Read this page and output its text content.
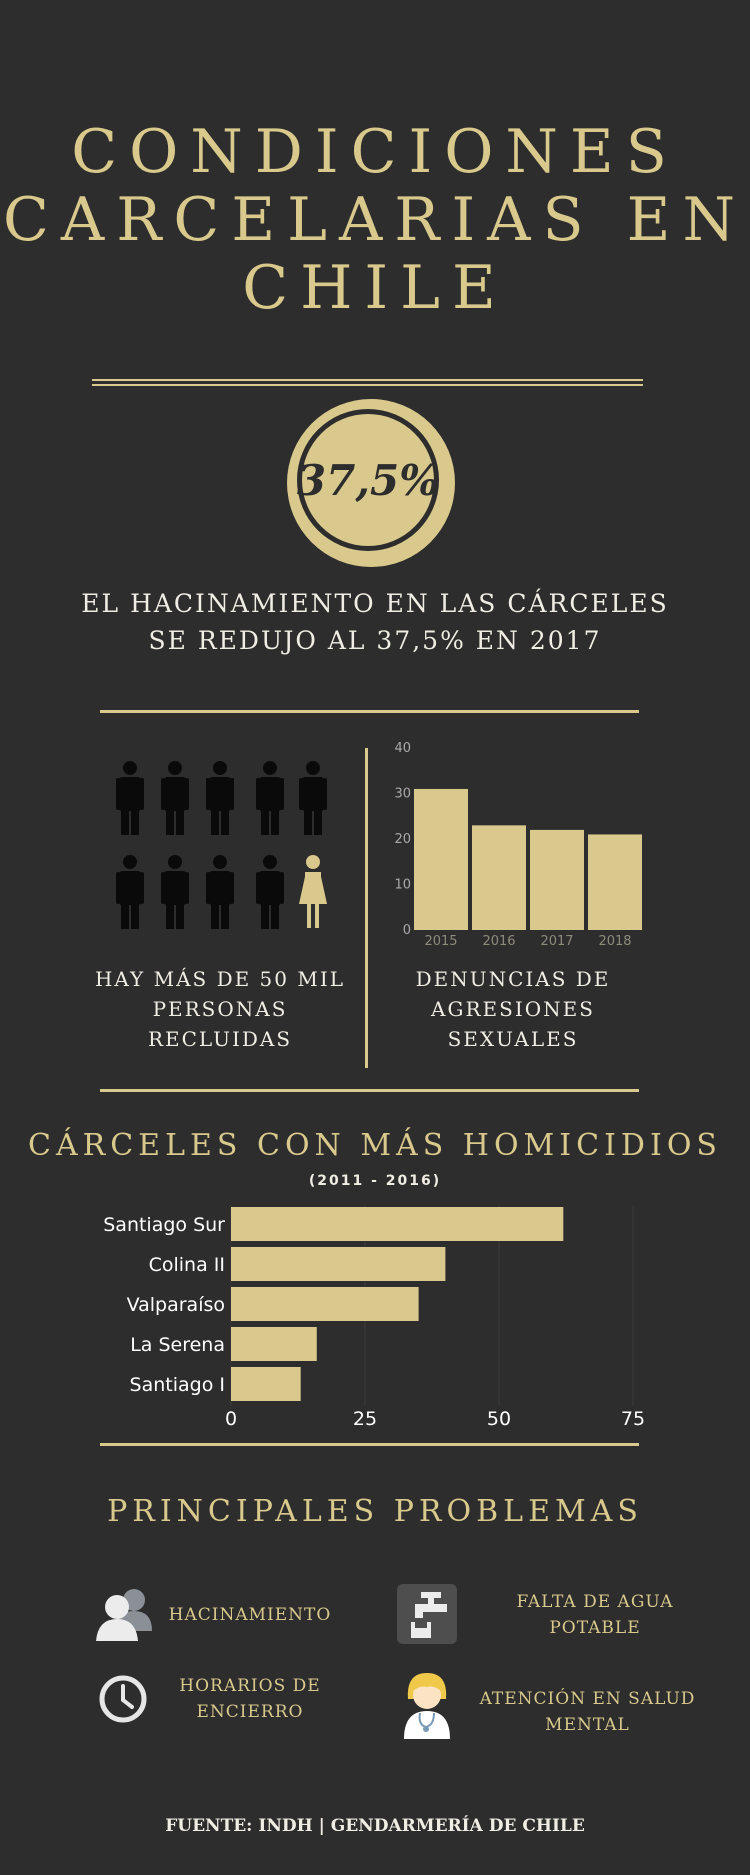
CONDICIONES
CARCELARIAS EN
CHILE
37,5%
EL HACINAMIENTO EN LAS CÁRCELES
SE REDUJO AL 37,5% EN 2017
HAY MÁS DE 50 MIL
PERSONAS
RECLUIDAS
0
10
20
30
40
2015 2016 2017 2018
DENUNCIAS DE
AGRESIONES
SEXUALES
CÁRCELES CON MÁS HOMICIDIOS
(2011 - 2016)
0	25	50	75
Santiago Sur
Colina II
Valparaíso
La Serena
Santiago I
PRINCIPALES PROBLEMAS
HACINAMIENTO
FALTA DE AGUA
POTABLE
HORARIOS DE
ENCIERRO
ATENCIÓN EN SALUD
MENTAL
FUENTE: INDH | GENDARMERÍA DE CHILE
